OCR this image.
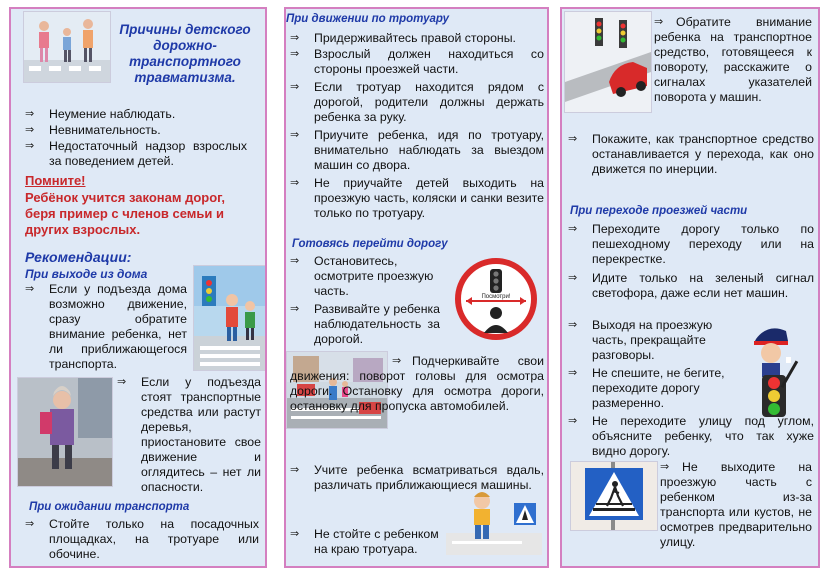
Причины детского дорожно-транспортного травматизма.
⇒	Неумение наблюдать.
⇒	Невнимательность.
⇒	Недостаточный надзор взрослых за поведением детей.
Помните!
Ребёнок учится законам дорог, беря пример с членов семьи и других взрослых.
Рекомендации:
При выходе из дома
⇒	Если у подъезда домa возможно движение, сразу обратите внимание ребенка, нет ли приближающегося транспорта.
⇒	Если у подъезда стоят транспортные средства или растут деревья, приостановите свое движение и оглядитесь – нет ли опасности.
При ожидании транспорта
⇒	Стойте только на посадочных площадках, на тротуаре или обочине.
При движении по тротуару
⇒	Придерживайтесь правой стороны.
⇒	Взрослый должен находиться со стороны проезжей части.
⇒	Если тротуар находится рядом с дорогой, родители должны держать ребенка за руку.
⇒	Приучите ребенка, идя по тротуару, внимательно наблюдать за выездом машин со двора.
⇒	Не приучайте детей выходить на проезжую часть, коляски и санки везите только по тротуару.
Готовясь перейти дорогу
⇒	Остановитесь, осмотрите проезжую часть.
⇒	Развивайте у ребенка наблюдательность за дорогой.
Посмотри!
⇒ Подчеркивайте свои движения: поворот головы для осмотра дороги. Остановку для осмотра дороги, остановку для пропуска автомобилей.
⇒	Учите ребенка всматриваться вдаль, различать приближающиеся машины.
⇒	Не стойте с ребенком на краю тротуара.
⇒	Обратите внимание ребенка на транспортное средство, готовящееся к повороту, расскажите о сигналах указателей поворота у машин.
⇒	Покажите, как транспортное средство останавливается у перехода, как оно движется по инерции.
При переходе проезжей части
⇒	Переходите дорогу только по пешеходному переходу или на перекрестке.
⇒	Идите только на зеленый сигнал светофора, даже если нет машин.
⇒	Выходя на проезжую часть, прекращайте разговоры.
⇒	Не спешите, не бегите, переходите дорогу размеренно.
⇒	Не переходите улицу под углом, объясните ребенку, что так хуже видно дорогу.
⇒	Не выходите на проезжую часть с ребенком из-за транспорта или кустов, не осмотрев предварительно улицу.
